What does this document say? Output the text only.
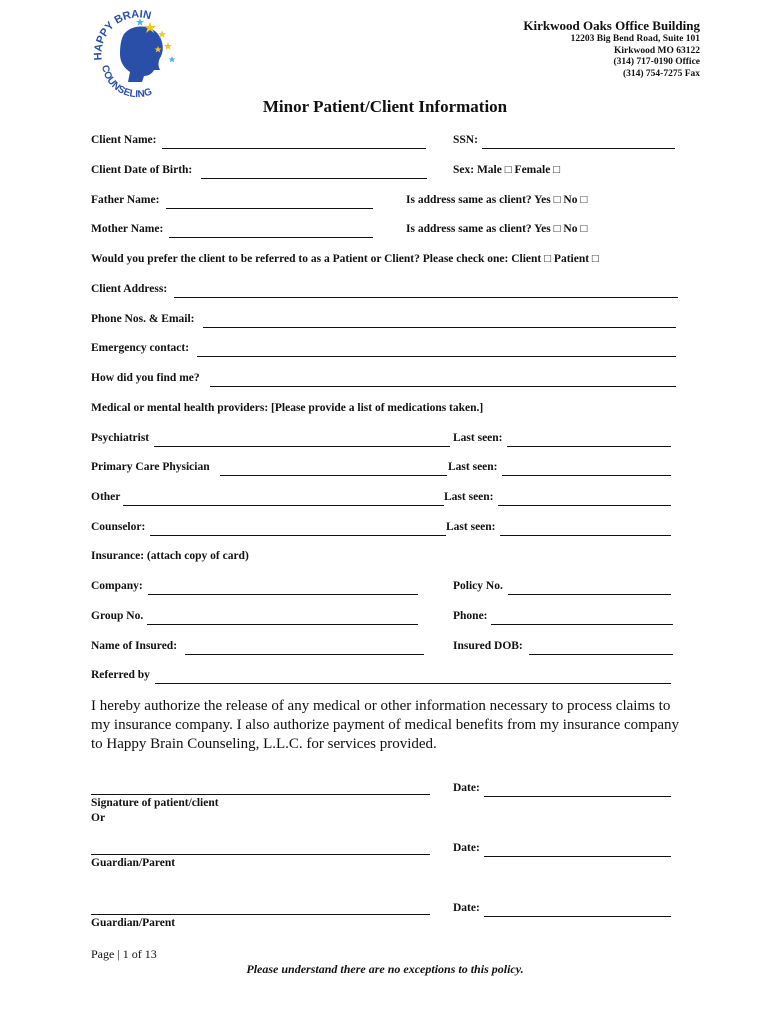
HAPPY BRAIN
COUNSELING
Kirkwood Oaks Office Building
12203 Big Bend Road, Suite 101
Kirkwood MO 63122
(314) 717-0190 Office
(314) 754-7275 Fax
Minor Patient/Client Information
Client Name:	SSN:
Client Date of Birth:	Sex: Male □ Female □
Father Name:	Is address same as client? Yes □ No □
Mother Name:	Is address same as client? Yes □ No □
Would you prefer the client to be referred to as a Patient or Client? Please check one: Client □ Patient □
Client Address:
Phone Nos. & Email:
Emergency contact:
How did you find me?
Medical or mental health providers: [Please provide a list of medications taken.]
Psychiatrist	Last seen:
Primary Care Physician	Last seen:
Other	Last seen:
Counselor:	Last seen:
Insurance: (attach copy of card)
Company:	Policy No.
Group No.	Phone:
Name of Insured:	Insured DOB:
Referred by
I hereby authorize the release of any medical or other information necessary to process claims to my insurance company. I also authorize payment of medical benefits from my insurance company to Happy Brain Counseling, L.L.C. for services provided.
Date:
Signature of patient/client
Or
Date:
Guardian/Parent
Date:
Guardian/Parent
Page | 1 of 13
Please understand there are no exceptions to this policy.
